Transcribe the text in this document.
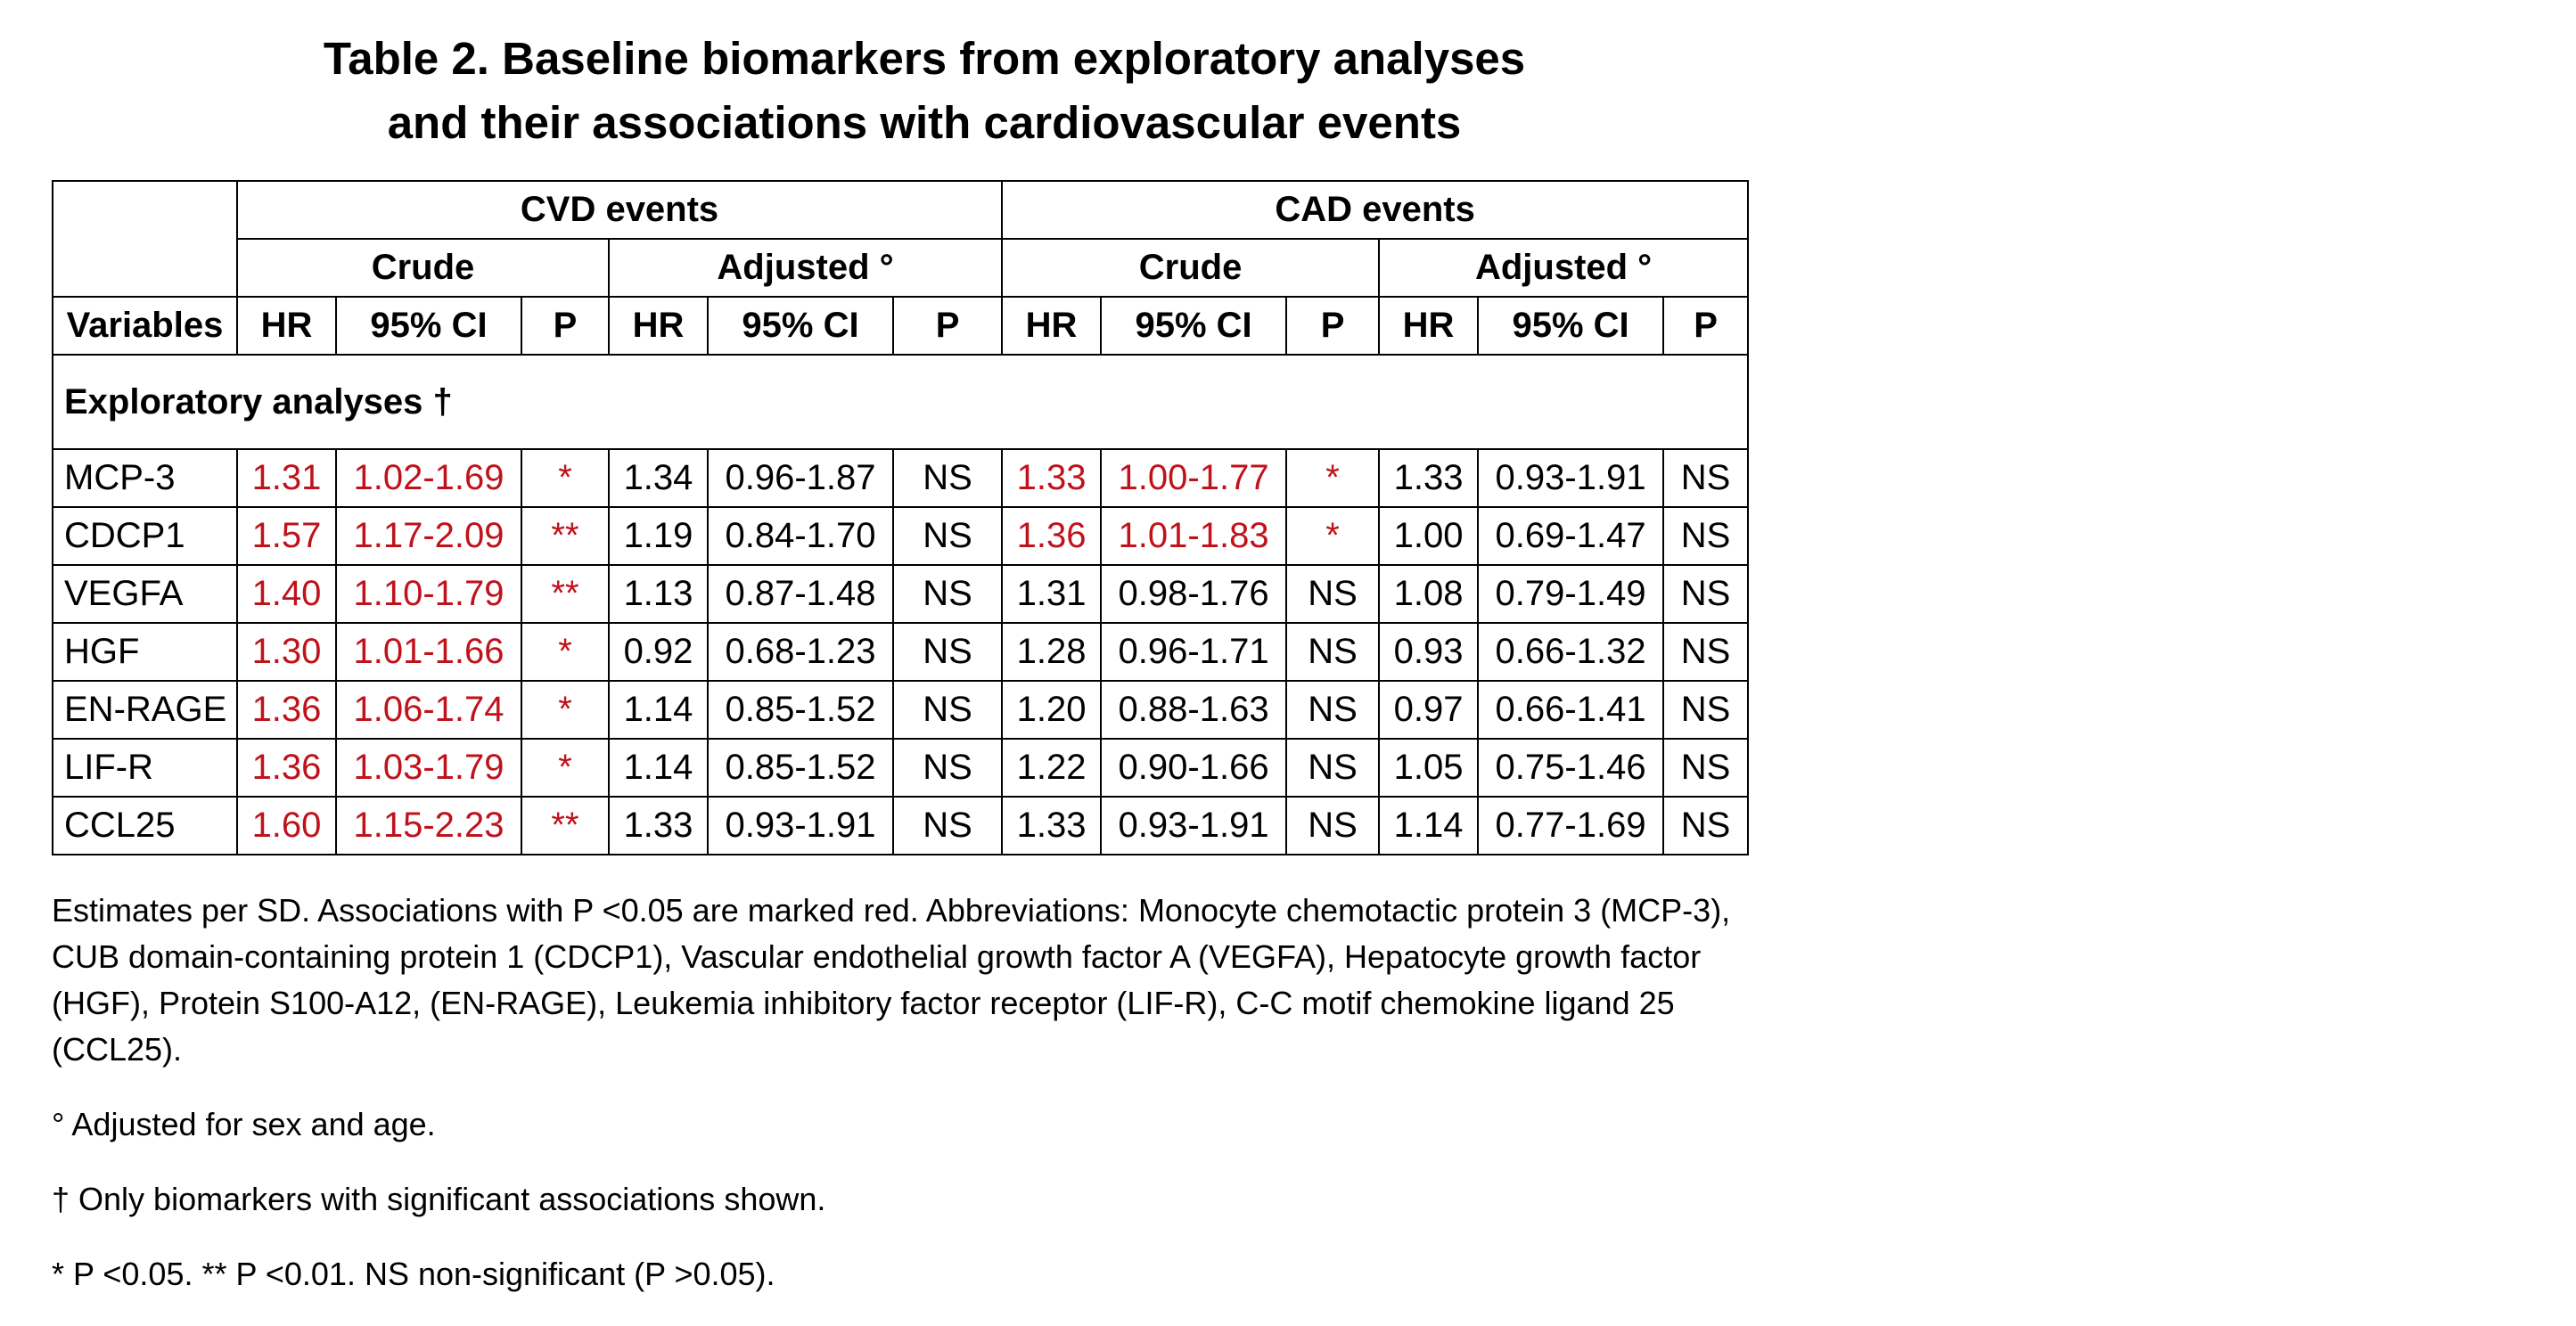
Table 2. Baseline biomarkers from exploratory analyses
and their associations with cardiovascular events
	CVD events						CAD events					
	Crude			Adjusted °			Crude			Adjusted °		
Variables	HR	95% CI	P	HR	95% CI	P	HR	95% CI	P	HR	95% CI	P
Exploratory analyses †												
MCP-3	1.31	1.02-1.69	*	1.34	0.96-1.87	NS	1.33	1.00-1.77	*	1.33	0.93-1.91	NS
CDCP1	1.57	1.17-2.09	**	1.19	0.84-1.70	NS	1.36	1.01-1.83	*	1.00	0.69-1.47	NS
VEGFA	1.40	1.10-1.79	**	1.13	0.87-1.48	NS	1.31	0.98-1.76	NS	1.08	0.79-1.49	NS
HGF	1.30	1.01-1.66	*	0.92	0.68-1.23	NS	1.28	0.96-1.71	NS	0.93	0.66-1.32	NS
EN-RAGE	1.36	1.06-1.74	*	1.14	0.85-1.52	NS	1.20	0.88-1.63	NS	0.97	0.66-1.41	NS
LIF-R	1.36	1.03-1.79	*	1.14	0.85-1.52	NS	1.22	0.90-1.66	NS	1.05	0.75-1.46	NS
CCL25	1.60	1.15-2.23	**	1.33	0.93-1.91	NS	1.33	0.93-1.91	NS	1.14	0.77-1.69	NS

Estimates per SD. Associations with P <0.05 are marked red. Abbreviations: Monocyte chemotactic protein 3 (MCP-3), CUB domain-containing protein 1 (CDCP1), Vascular endothelial growth factor A (VEGFA), Hepatocyte growth factor (HGF), Protein S100-A12, (EN-RAGE), Leukemia inhibitory factor receptor (LIF-R), C-C motif chemokine ligand 25 (CCL25).

° Adjusted for sex and age.

† Only biomarkers with significant associations shown.

* P <0.05. ** P <0.01. NS non-significant (P >0.05).
